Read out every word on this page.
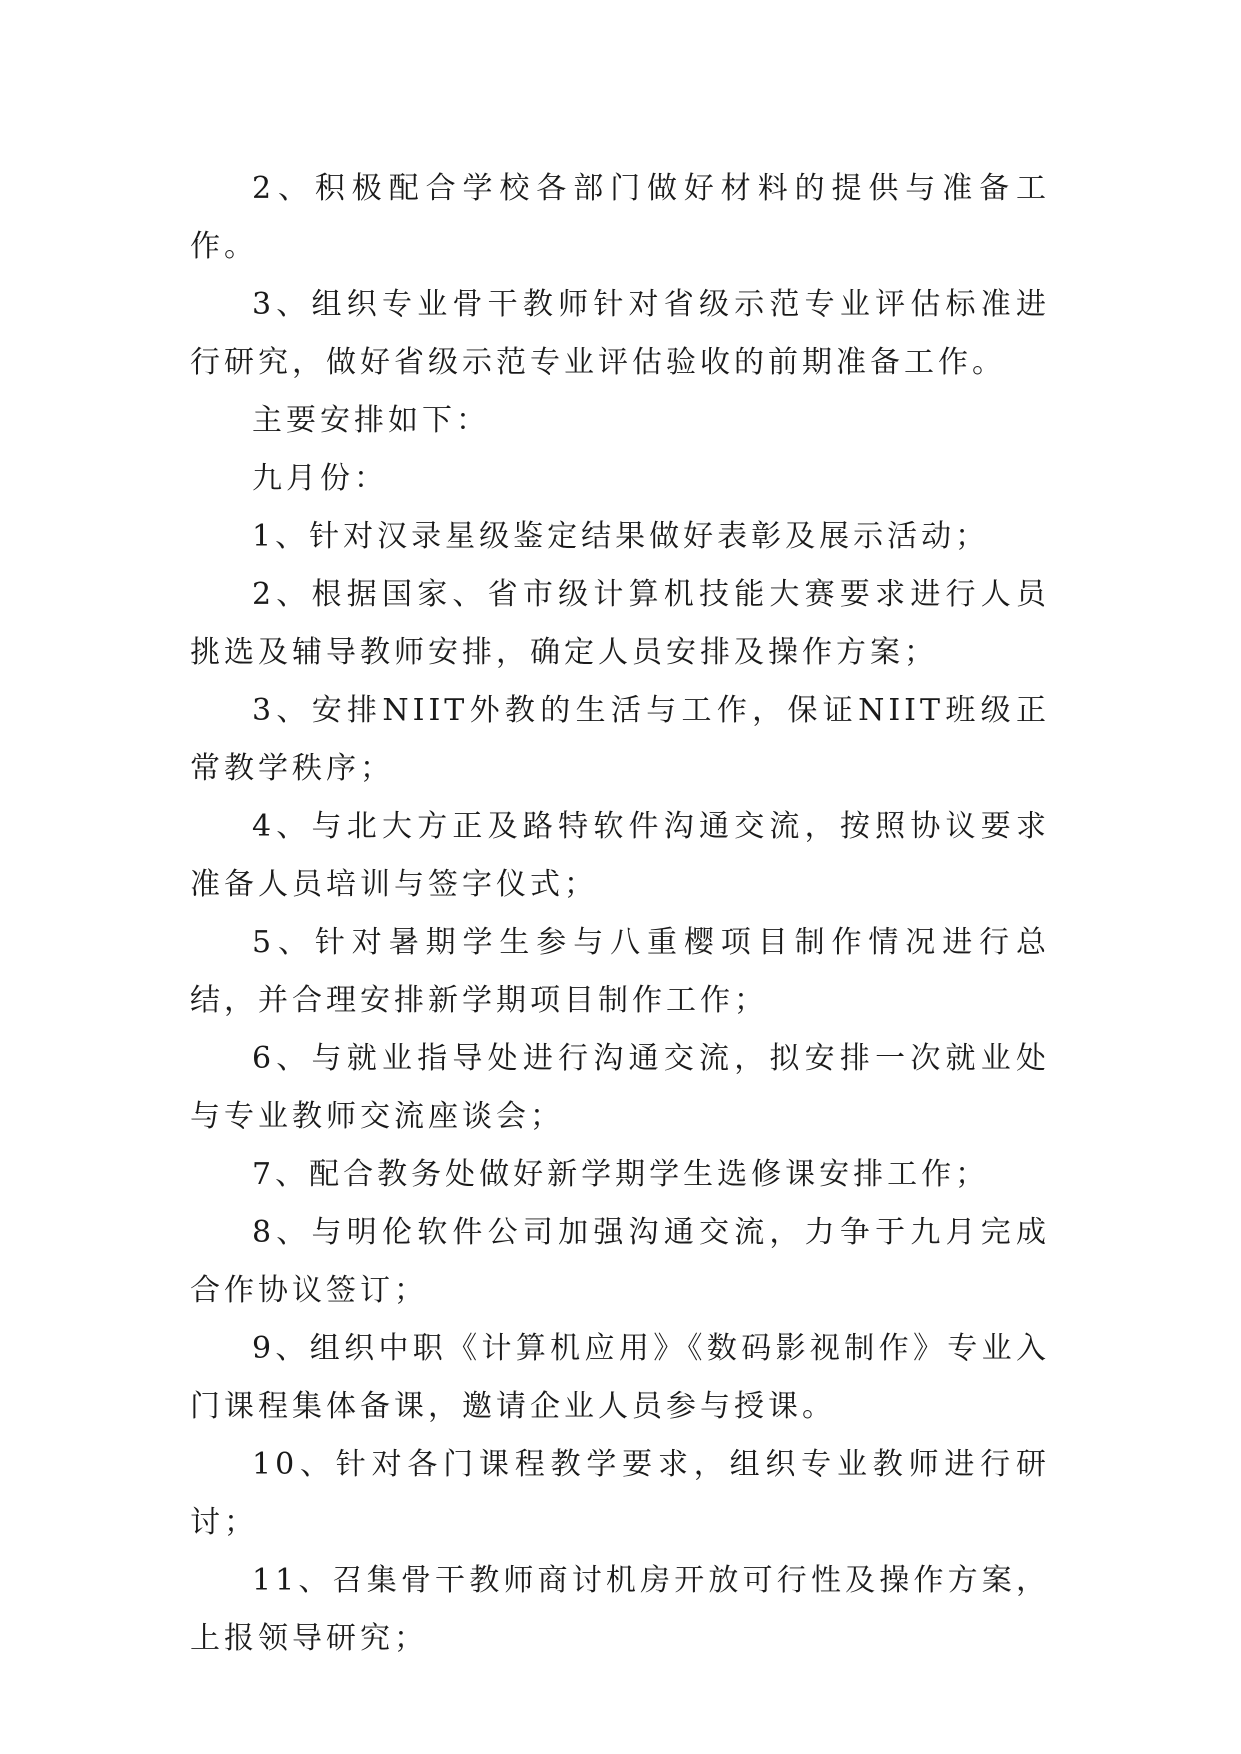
2、积极配合学校各部门做好材料的提供与准备工作。

3、组织专业骨干教师针对省级示范专业评估标准进行研究，做好省级示范专业评估验收的前期准备工作。

主要安排如下：

九月份：

1、针对汉录星级鉴定结果做好表彰及展示活动；

2、根据国家、省市级计算机技能大赛要求进行人员挑选及辅导教师安排，确定人员安排及操作方案；

3、安排NIIT外教的生活与工作，保证NIIT班级正常教学秩序；

4、与北大方正及路特软件沟通交流，按照协议要求准备人员培训与签字仪式；

5、针对暑期学生参与八重樱项目制作情况进行总结，并合理安排新学期项目制作工作；

6、与就业指导处进行沟通交流，拟安排一次就业处与专业教师交流座谈会；

7、配合教务处做好新学期学生选修课安排工作；

8、与明伦软件公司加强沟通交流，力争于九月完成合作协议签订；

9、组织中职《计算机应用》《数码影视制作》专业入门课程集体备课，邀请企业人员参与授课。

10、针对各门课程教学要求，组织专业教师进行研讨；

11、召集骨干教师商讨机房开放可行性及操作方案，上报领导研究；
